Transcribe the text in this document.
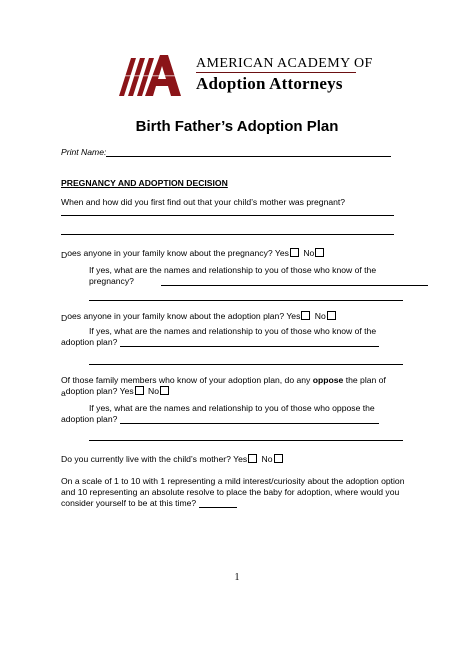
AMERICAN ACADEMY OF
Adoption Attorneys
Birth Father’s Adoption Plan
Print Name:
PREGNANCY AND ADOPTION DECISION
When and how did you first find out that your child’s mother was pregnant?
Does anyone in your family know about the pregnancy? Yes No
If yes, what are the names and relationship to you of those who know of the
pregnancy?
Does anyone in your family know about the adoption plan? Yes No
If yes, what are the names and relationship to you of those who know of the
adoption plan?
Of those family members who know of your adoption plan, do any oppose the plan of
adoption plan? Yes No
If yes, what are the names and relationship to you of those who oppose the
adoption plan?
Do you currently live with the child’s mother? Yes No
On a scale of 1 to 10 with 1 representing a mild interest/curiosity about the adoption option
and 10 representing an absolute resolve to place the baby for adoption, where would you
consider yourself to be at this time?
1
